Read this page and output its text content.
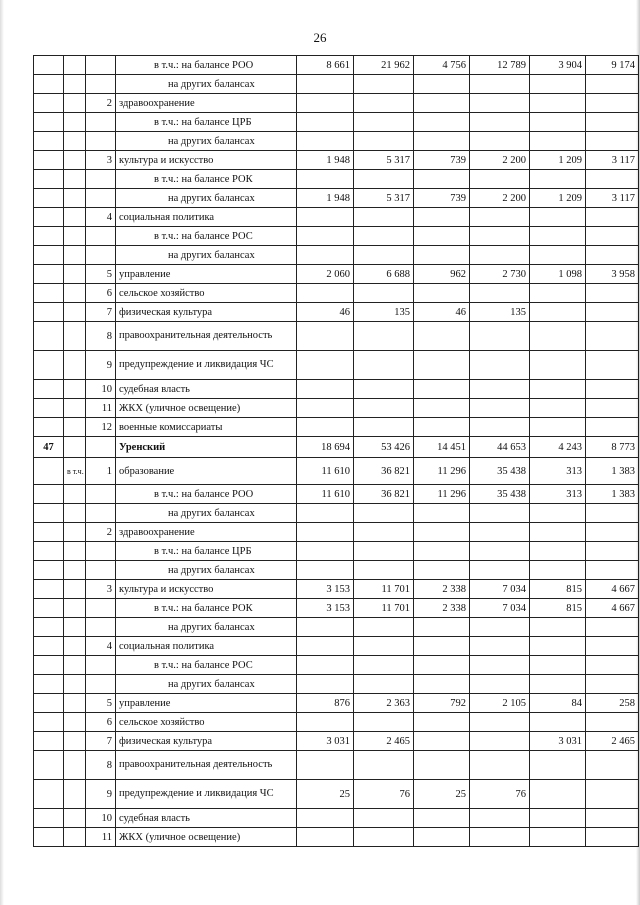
26
			в т.ч.: на балансе РОО	8 661	21 962	4 756	12 789	3 904	9 174
			на других балансах						
		2	здравоохранение						
			в т.ч.: на балансе ЦРБ						
			на других балансах						
		3	культура и искусство	1 948	5 317	739	2 200	1 209	3 117
			в т.ч.: на балансе РОК						
			на других балансах	1 948	5 317	739	2 200	1 209	3 117
		4	социальная политика						
			в т.ч.: на балансе РОС						
			на других балансах						
		5	управление	2 060	6 688	962	2 730	1 098	3 958
		6	сельское хозяйство						
		7	физическая культура	46	135	46	135		
		8	правоохранительная деятельность						
		9	предупреждение и ликвидация ЧС						
		10	судебная власть						
		11	ЖКХ (уличное освещение)						
		12	военные комиссариаты						
47			Уренский	18 694	53 426	14 451	44 653	4 243	8 773
	в т.ч.	1	образование	11 610	36 821	11 296	35 438	313	1 383
			в т.ч.: на балансе РОО	11 610	36 821	11 296	35 438	313	1 383
			на других балансах						
		2	здравоохранение						
			в т.ч.: на балансе ЦРБ						
			на других балансах						
		3	культура и искусство	3 153	11 701	2 338	7 034	815	4 667
			в т.ч.: на балансе РОК	3 153	11 701	2 338	7 034	815	4 667
			на других балансах						
		4	социальная политика						
			в т.ч.: на балансе РОС						
			на других балансах						
		5	управление	876	2 363	792	2 105	84	258
		6	сельское хозяйство						
		7	физическая культура	3 031	2 465			3 031	2 465
		8	правоохранительная деятельность						
		9	предупреждение и ликвидация ЧС	25	76	25	76		
		10	судебная власть						
		11	ЖКХ (уличное освещение)						
